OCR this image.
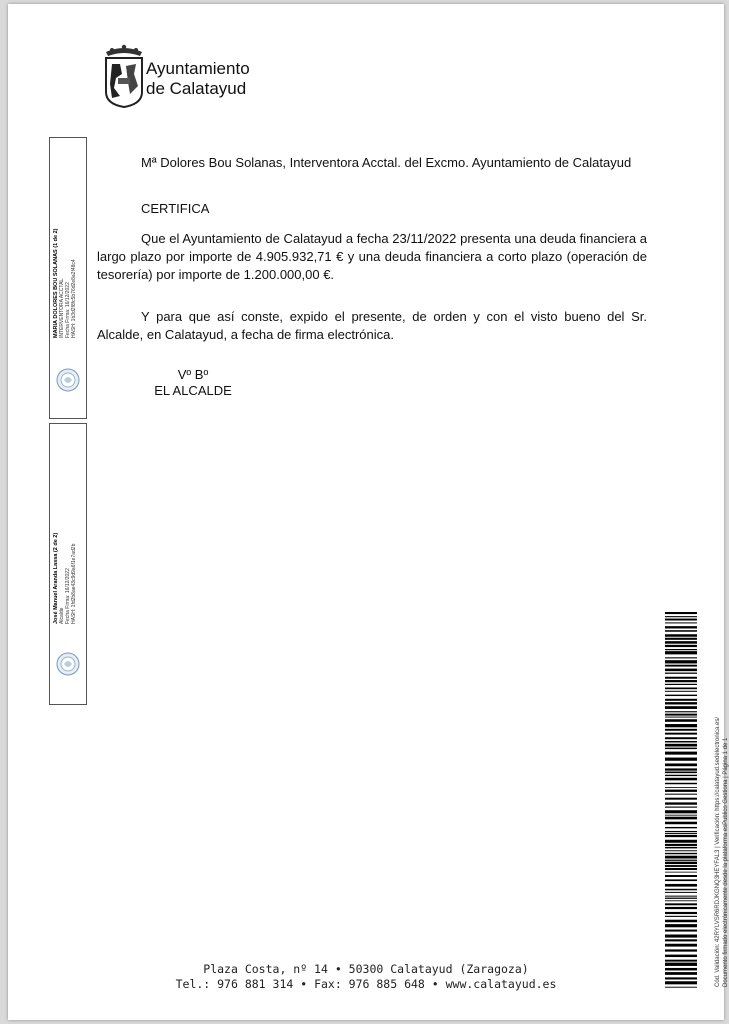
Ayuntamiento
de Calatayud
Mª Dolores Bou Solanas, Interventora Acctal. del Excmo. Ayuntamiento de Calatayud
CERTIFICA
Que el Ayuntamiento de Calatayud a fecha 23/11/2022 presenta una deuda financiera a largo plazo por importe de 4.905.932,71 € y una deuda financiera a corto plazo (operación de tesorería) por importe de 1.200.000,00 €.
Y para que así conste, expido el presente, de orden y con el visto bueno del Sr. Alcalde, en Calatayud, a fecha de firma electrónica.
Vº Bº
EL ALCALDE
MARIA DOLORES BOU SOLANAS (1 de 2) INTERVENTORA ACCTAL. Fecha Firma: 16/12/2022 HASH: 1b3d2f8fc5b76d2e8a2f48c4
José Manuel Aranda Lassa (2 de 2) Alcalde Fecha Firma: 16/12/2022 HASH: 1fd2b8ae43c9d9a6f1e7ad2b
Cód. Validación: 42RYLVSR6RDJKGNQ3HEYFAL3 | Verificación: https://calatayud.sedelectronica.es/ Documento firmado electrónicamente desde la plataforma esPublico Gestiona | Página 1 de 1
Plaza Costa, nº 14 • 50300 Calatayud (Zaragoza)
Tel.: 976 881 314 • Fax: 976 885 648 • www.calatayud.es
